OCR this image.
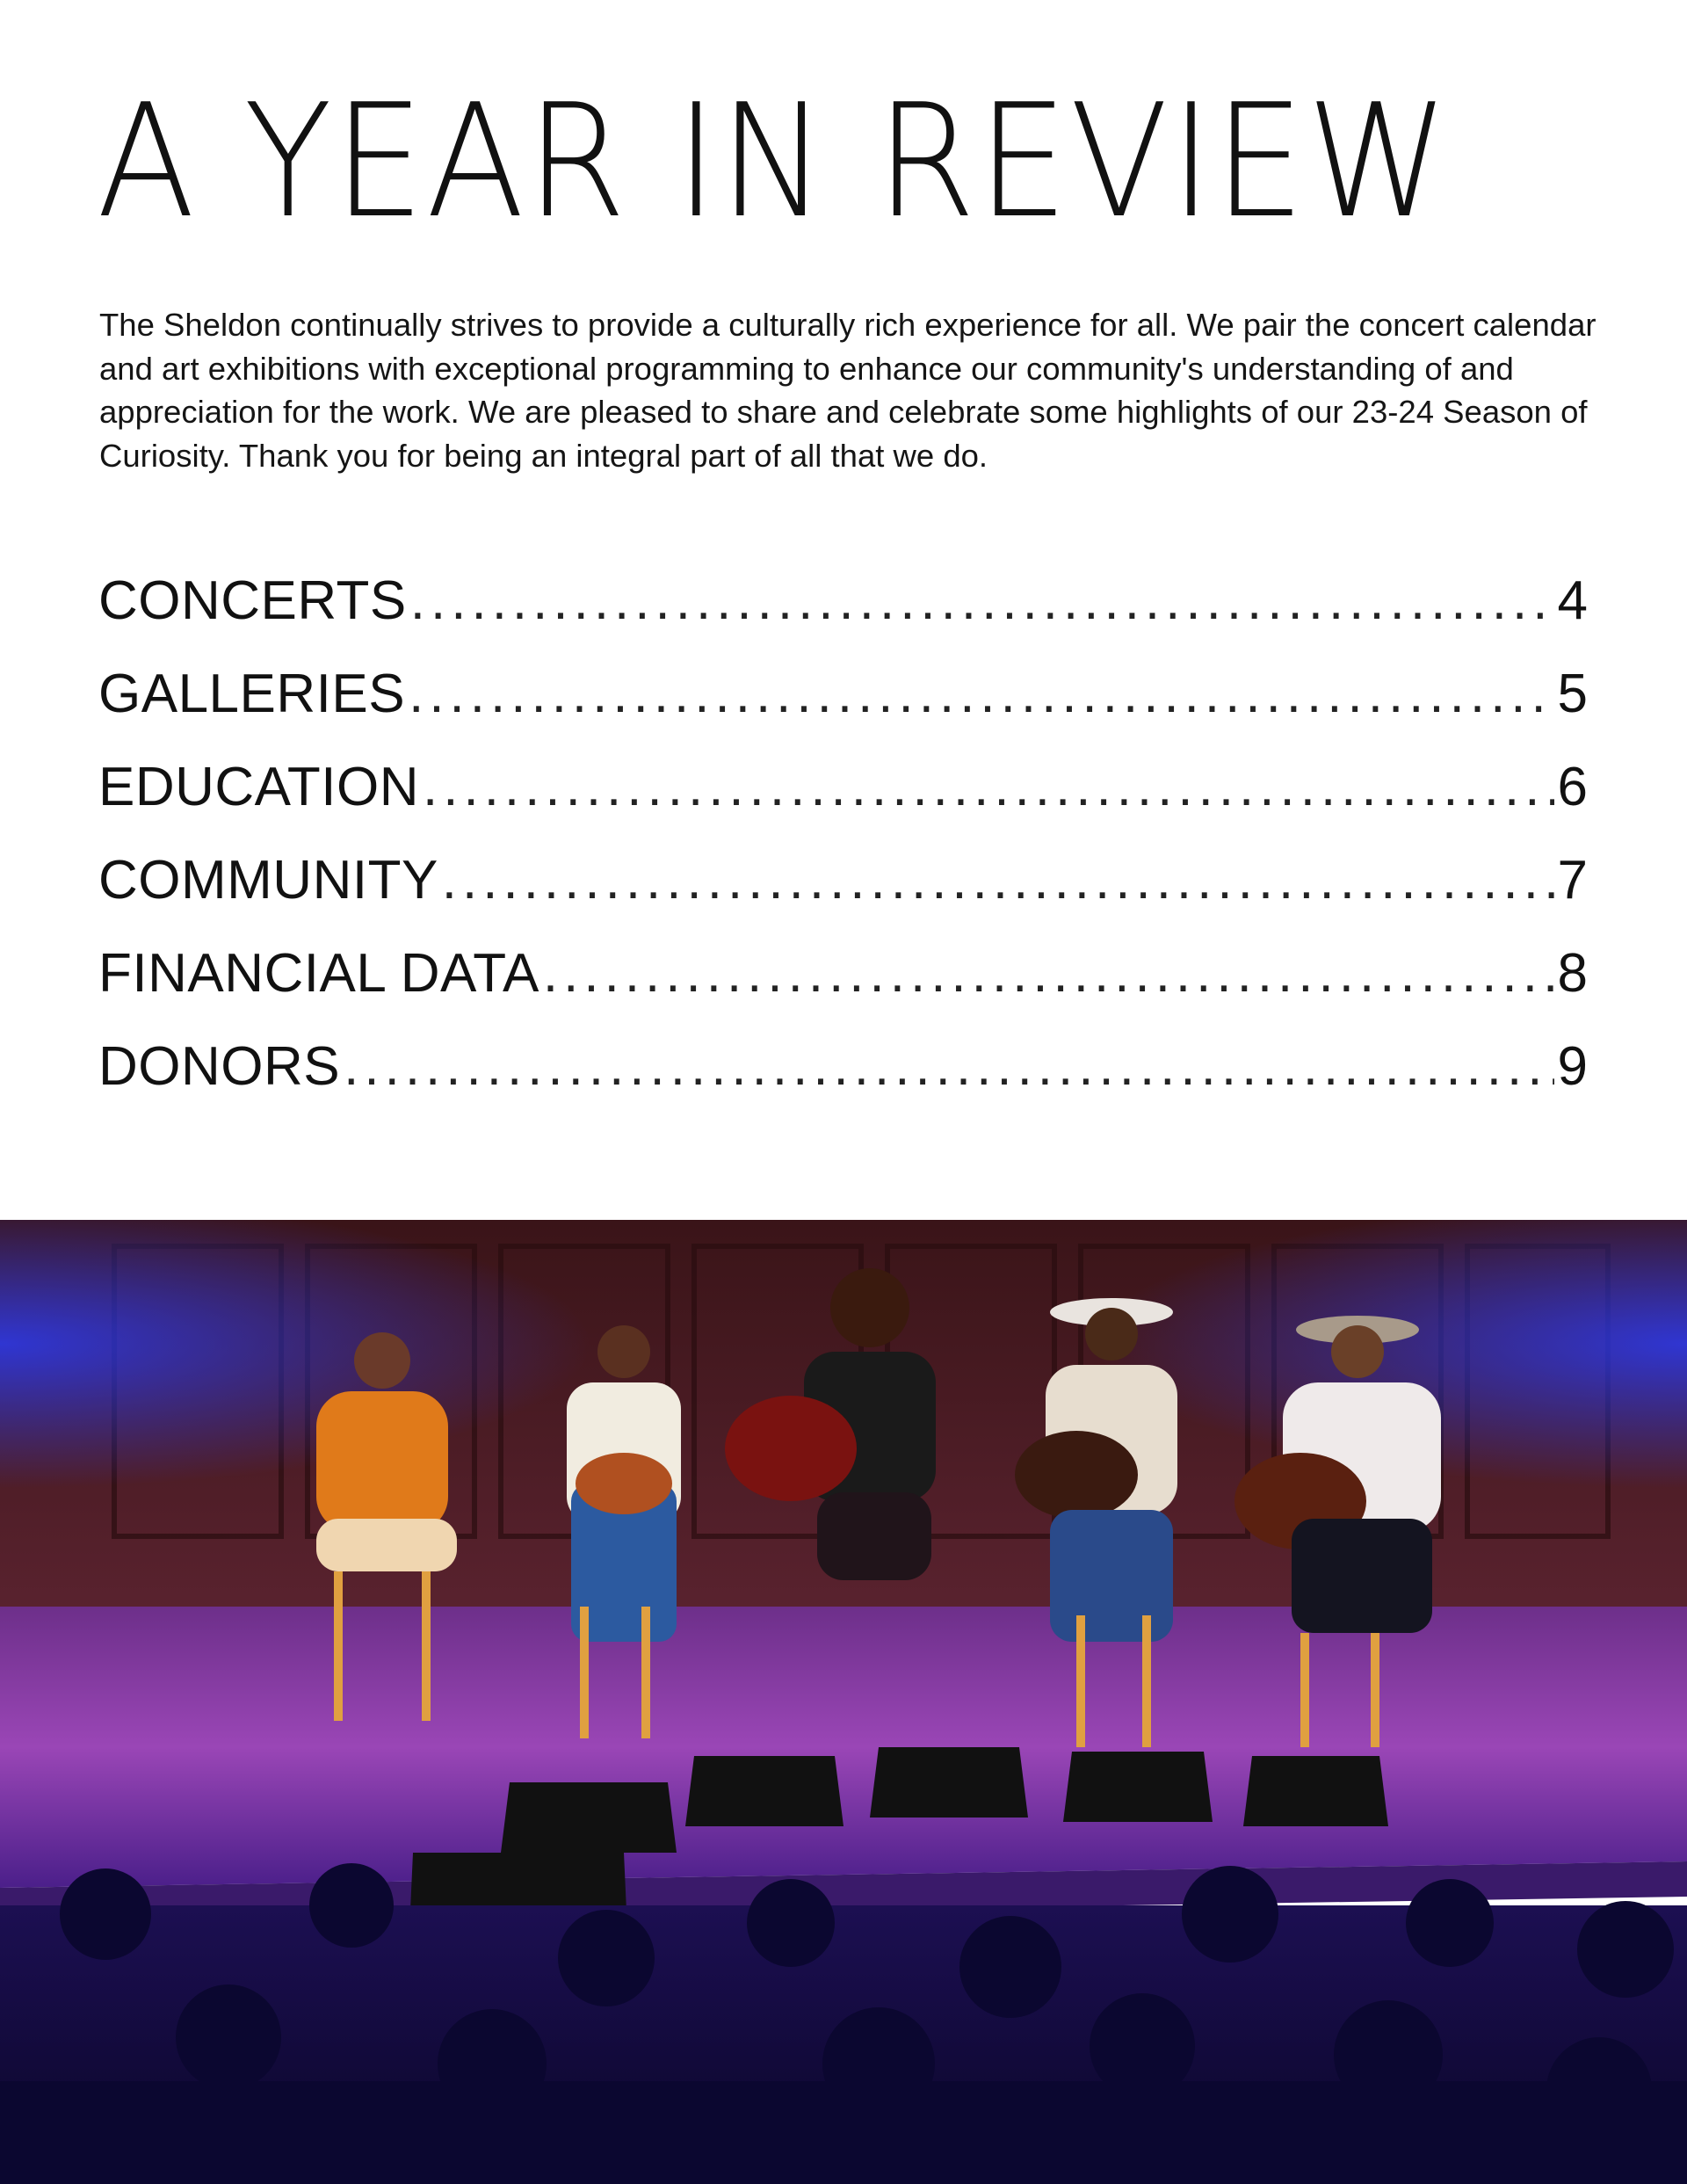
A YEAR IN REVIEW

The Sheldon continually strives to provide a culturally rich experience for all. We pair the concert calendar and art exhibitions with exceptional programming to enhance our community's understanding of and appreciation for the work. We are pleased to share and celebrate some highlights of our 23-24 Season of Curiosity. Thank you for being an integral part of all that we do.

CONCERTS .....	4
GALLERIES .....	5
EDUCATION .....	6
COMMUNITY .....	7
FINANCIAL DATA .....	8
DONORS .....	9
